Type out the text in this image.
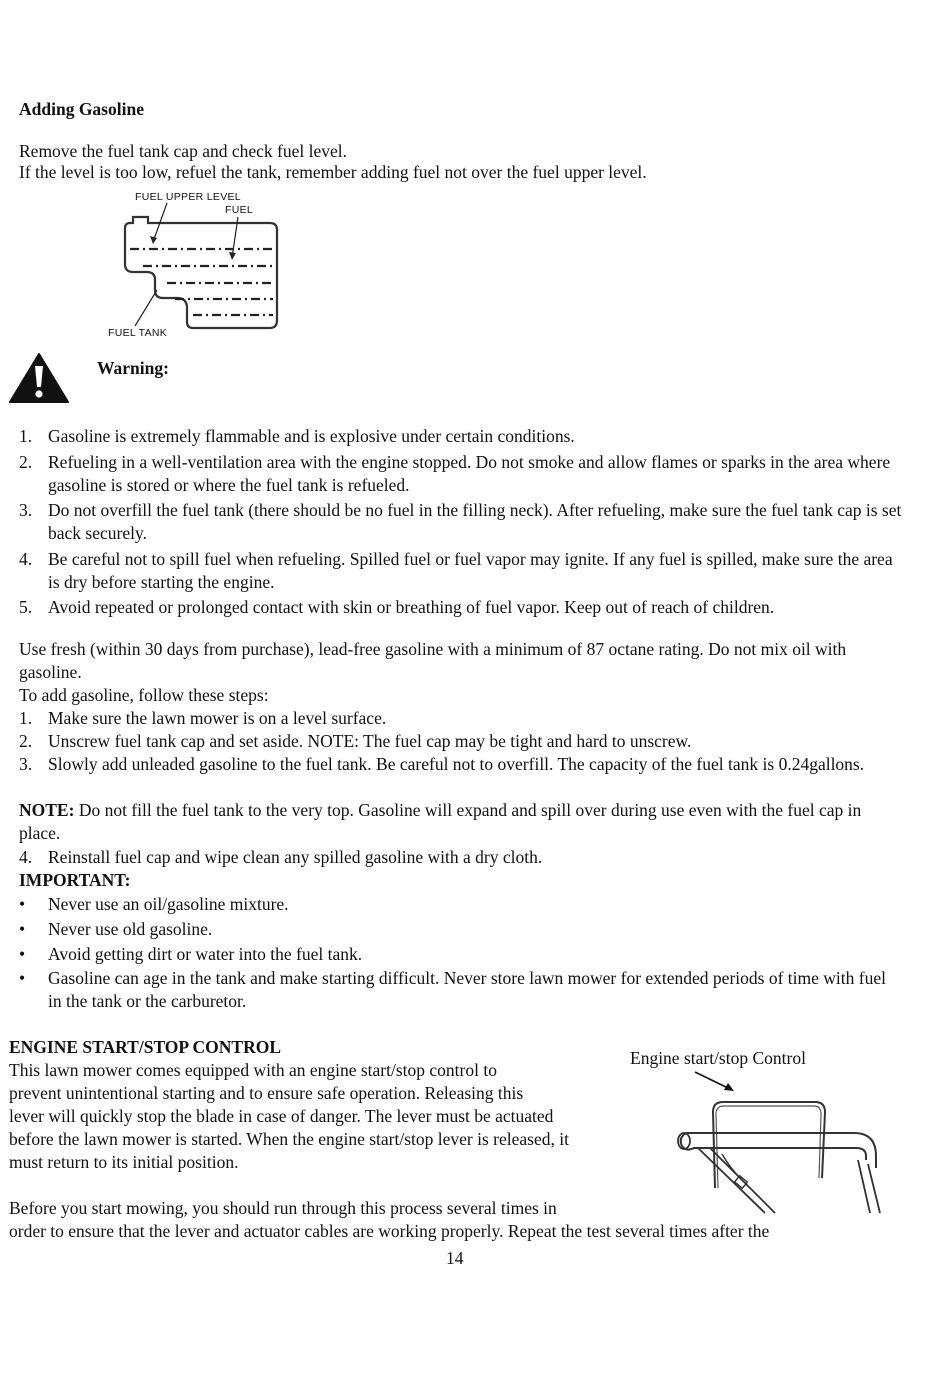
Adding Gasoline
Remove the fuel tank cap and check fuel level.
If the level is too low, refuel the tank, remember adding fuel not over the fuel upper level.
FUEL UPPER LEVEL
FUEL
FUEL TANK
Warning:
1. Gasoline is extremely flammable and is explosive under certain conditions.
2. Refueling in a well-ventilation area with the engine stopped. Do not smoke and allow flames or sparks in the area where gasoline is stored or where the fuel tank is refueled.
3. Do not overfill the fuel tank (there should be no fuel in the filling neck). After refueling, make sure the fuel tank cap is set back securely.
4. Be careful not to spill fuel when refueling. Spilled fuel or fuel vapor may ignite. If any fuel is spilled, make sure the area is dry before starting the engine.
5. Avoid repeated or prolonged contact with skin or breathing of fuel vapor. Keep out of reach of children.
Use fresh (within 30 days from purchase), lead-free gasoline with a minimum of 87 octane rating. Do not mix oil with gasoline.
To add gasoline, follow these steps:
1. Make sure the lawn mower is on a level surface.
2. Unscrew fuel tank cap and set aside. NOTE: The fuel cap may be tight and hard to unscrew.
3. Slowly add unleaded gasoline to the fuel tank. Be careful not to overfill. The capacity of the fuel tank is 0.24gallons.
NOTE: Do not fill the fuel tank to the very top. Gasoline will expand and spill over during use even with the fuel cap in place.
4. Reinstall fuel cap and wipe clean any spilled gasoline with a dry cloth.
IMPORTANT:
•	Never use an oil/gasoline mixture.
•	Never use old gasoline.
•	Avoid getting dirt or water into the fuel tank.
•	Gasoline can age in the tank and make starting difficult. Never store lawn mower for extended periods of time with fuel in the tank or the carburetor.
ENGINE START/STOP CONTROL
This lawn mower comes equipped with an engine start/stop control to
prevent unintentional starting and to ensure safe operation. Releasing this
lever will quickly stop the blade in case of danger. The lever must be actuated
before the lawn mower is started. When the engine start/stop lever is released, it
must return to its initial position.
Before you start mowing, you should run through this process several times in
order to ensure that the lever and actuator cables are working properly. Repeat the test several times after the
Engine start/stop Control
14
